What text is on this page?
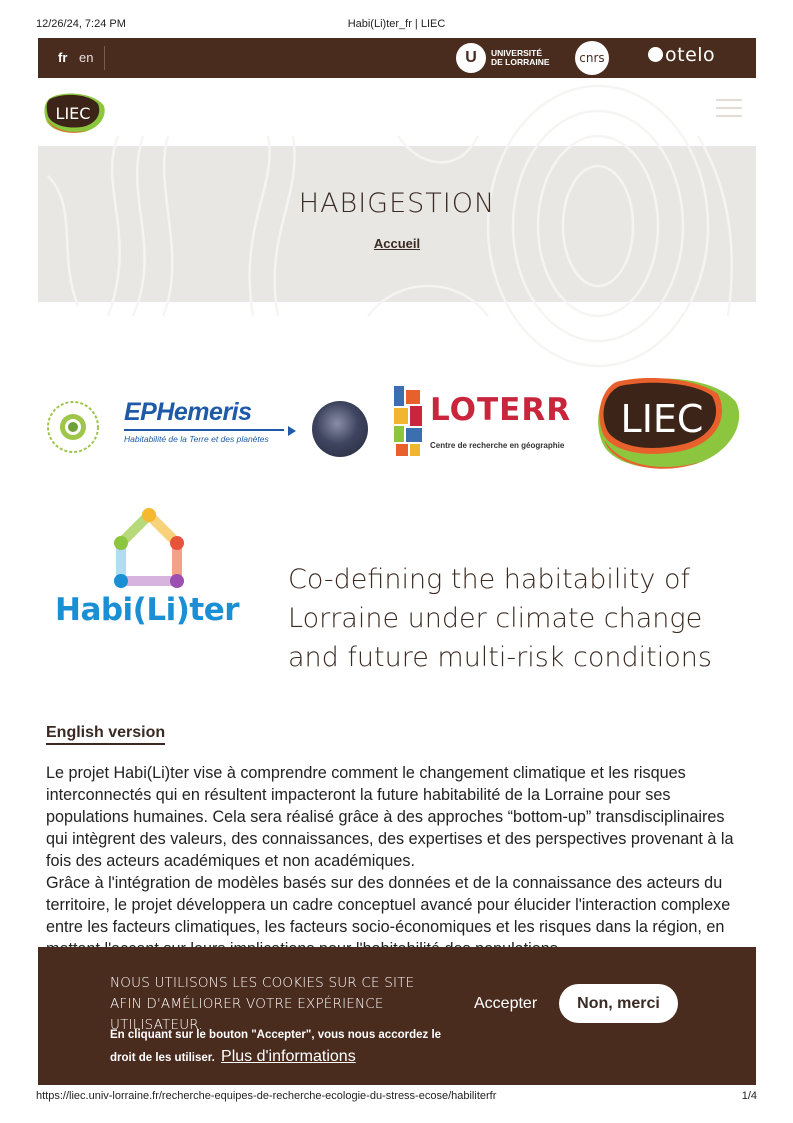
12/26/24, 7:24 PM	Habi(Li)ter_fr | LIEC
fr en	U	UNIVERSITÉ
DE LORRAINE	cnrs	otelo
LIEC
HABIGESTION
Accueil
EPHemeris
Habitabilité de la Terre et des planètes
LOTERR
Centre de recherche en géographie
LIEC
Habi(Li)ter
Co-defining the habitability of Lorraine under climate change and future multi-risk conditions
English version

Le projet Habi(Li)ter vise à comprendre comment le changement climatique et les risques interconnectés qui en résultent impacteront la future habitabilité de la Lorraine pour ses populations humaines. Cela sera réalisé grâce à des approches “bottom-up” transdisciplinaires qui intègrent des valeurs, des connaissances, des expertises et des perspectives provenant à la fois des acteurs académiques et non académiques.

Grâce à l'intégration de modèles basés sur des données et de la connaissance des acteurs du territoire, le projet développera un cadre conceptuel avancé pour élucider l'interaction complexe entre les facteurs climatiques, les facteurs socio-économiques et les risques dans la région, en

NOUS UTILISONS LES COOKIES SUR CE SITE AFIN D'AMÉLIORER VOTRE EXPÉRIENCE UTILISATEUR.
En cliquant sur le bouton "Accepter", vous nous accordez le droit de les utiliser. Plus d'informations
Accepter	Non, merci
https://liec.univ-lorraine.fr/recherche-equipes-de-recherche-ecologie-du-stress-ecose/habiliterfr	1/4
